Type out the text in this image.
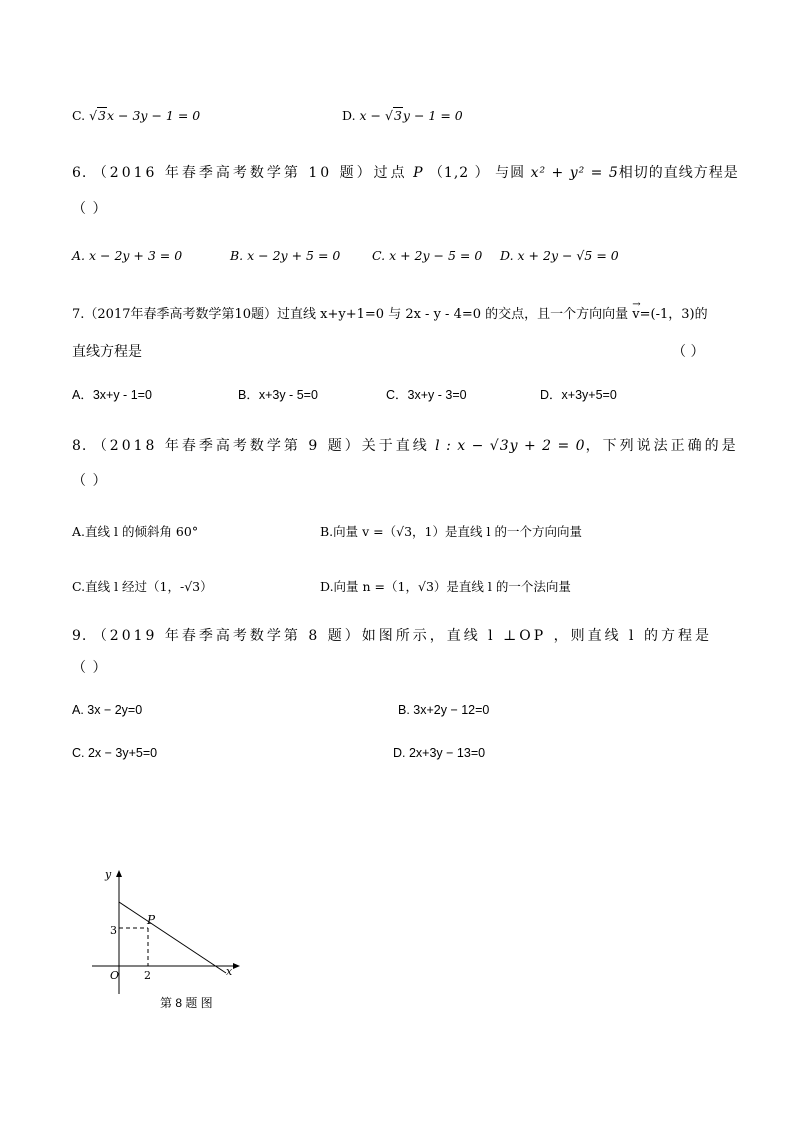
C. √3x − 3y − 1 = 0	D. x − √3y − 1 = 0
6. （2016 年春季高考数学第 10 题）过点 P （1,2 ） 与圆 x² + y² = 5相切的直线方程是
（ ）
A. x − 2y + 3 = 0	B. x − 2y + 5 = 0	C. x + 2y − 5 = 0 D. x + 2y − √5 = 0
7.（2017年春季高考数学第10题）过直线 x+y+1=0 与 2x - y - 4=0 的交点，且一个方向向量
→
v=(-1，3)的
直线方程是	（ ）
A．3x+y - 1=0	B．x+3y - 5=0	C．3x+y - 3=0	D．x+3y+5=0
8. （2018 年春季高考数学第 9 题）关于直线 l : x − √3y + 2 = 0，下列说法正确的是
（ ）
A.直线 l 的倾斜角 60°	B.向量 v =（√3，1）是直线 l 的一个方向向量
C.直线 l 经过（1，-√3）	D.向量 n =（1，√3）是直线 l 的一个法向量
9. （2019 年春季高考数学第 8 题）如图所示，直线 l ⊥OP ，则直线 l 的方程是
（ ）
A. 3x − 2y=0	B. 3x+2y − 12=0
C. 2x − 3y+5=0	D. 2x+3y − 13=0
y
x
O
P
3
2
第 8 题 图
